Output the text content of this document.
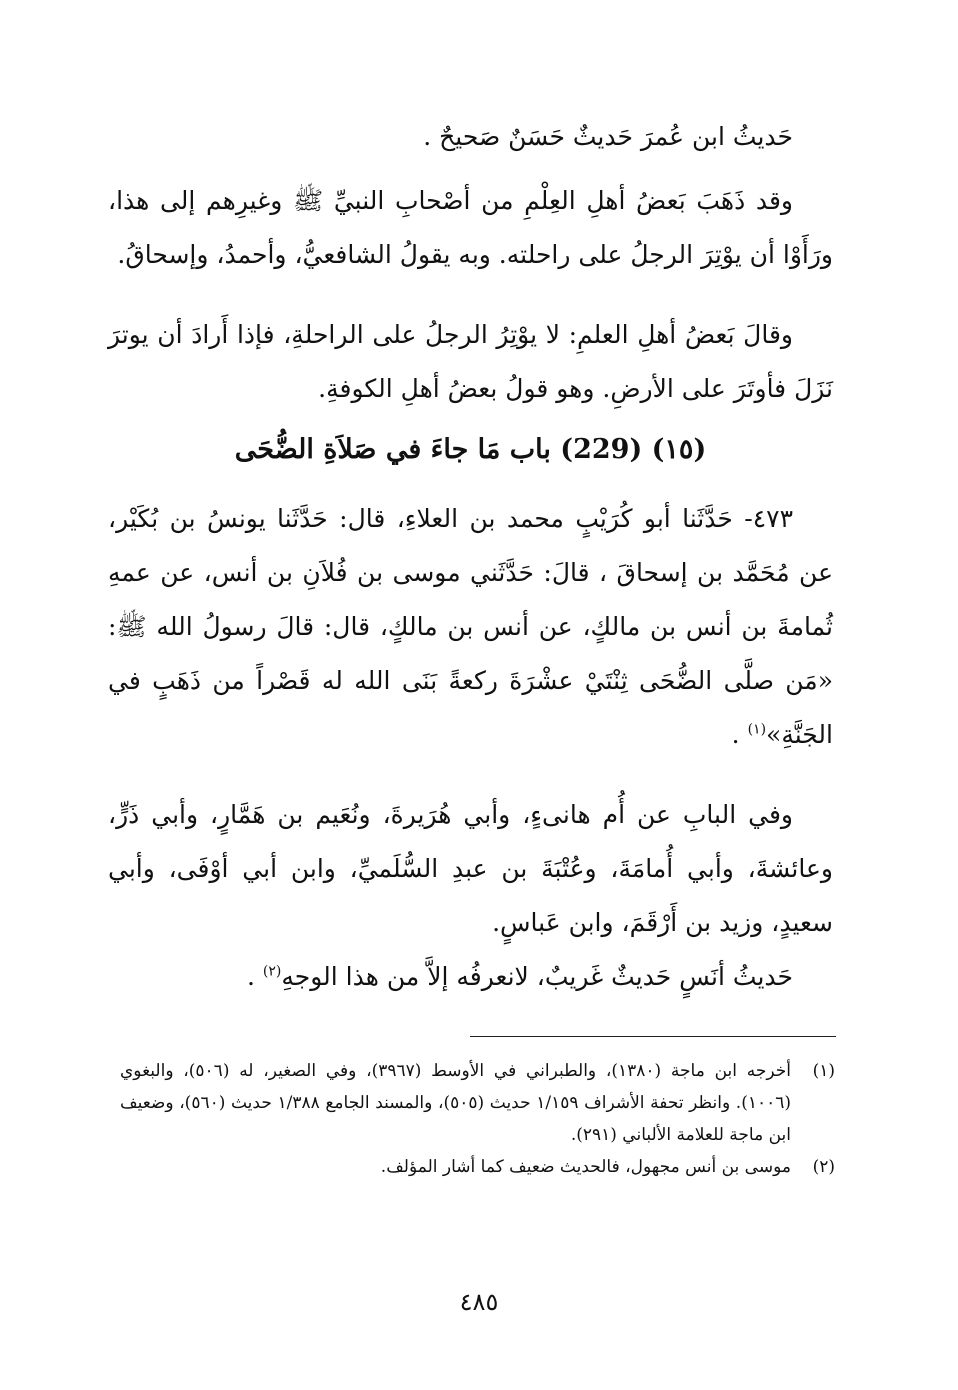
حَديثُ ابن عُمرَ حَديثٌ حَسَنٌ صَحيحٌ .

وقد ذَهَبَ بَعضُ أهلِ العِلْمِ من أصْحابِ النبيِّ ﷺ وغيرِهم إلى هذا، ورَأَوْا أن يوْتِرَ الرجلُ على راحلته. وبه يقولُ الشافعيُّ، وأحمدُ، وإسحاقُ.

وقالَ بَعضُ أهلِ العلمِ: لا يوْتِرُ الرجلُ على الراحلةِ، فإذا أَرادَ أن يوترَ نَزَلَ فأوتَرَ على الأرضِ. وهو قولُ بعضُ أهلِ الكوفةِ.

(١٥) (229) باب مَا جاءَ في صَلاَةِ الضُّحَى

٤٧٣- حَدَّثَنا أبو كُرَيْبٍ محمد بن العلاءِ، قال: حَدَّثَنا يونسُ بن بُكَيْر، عن مُحَمَّد بن إسحاقَ ، قالَ: حَدَّثَني موسى بن فُلاَنِ بن أنس، عن عمهِ ثُمامةَ بن أنس بن مالكٍ، عن أنس بن مالكٍ، قال: قالَ رسولُ الله ﷺ: «مَن صلَّى الضُّحَى ثِنْتَيْ عشْرَةَ ركعةً بَنَى الله له قَصْراً من ذَهَبٍ في الجَنَّةِ»$^{(١)}$ .

وفي البابِ عن أُم هانىءٍ، وأبي هُرَيرةَ، ونُعَيم بن هَمَّارٍ، وأبي ذَرٍّ، وعائشةَ، وأبي أُمامَةَ، وعُتْبَةَ بن عبدِ السُّلَميِّ، وابن أبي أوْفَى، وأبي سعيدٍ، وزيد بن أَرْقَمَ، وابن عَباسٍ.

حَديثُ أنَسٍ حَديثٌ غَريبٌ، لانعرفُه إلاَّ من هذا الوجهِ$^{(٢)}$ .

(١)
أخرجه ابن ماجة (١٣٨٠)، والطبراني في الأوسط (٣٩٦٧)، وفي الصغير، له (٥٠٦)، والبغوي (١٠٠٦). وانظر تحفة الأشراف ١/١٥٩ حديث (٥٠٥)، والمسند الجامع ١/٣٨٨ حديث (٥٦٠)، وضعيف ابن ماجة للعلامة الألباني (٢٩١).
(٢)
موسى بن أنس مجهول، فالحديث ضعيف كما أشار المؤلف.
٤٨٥
